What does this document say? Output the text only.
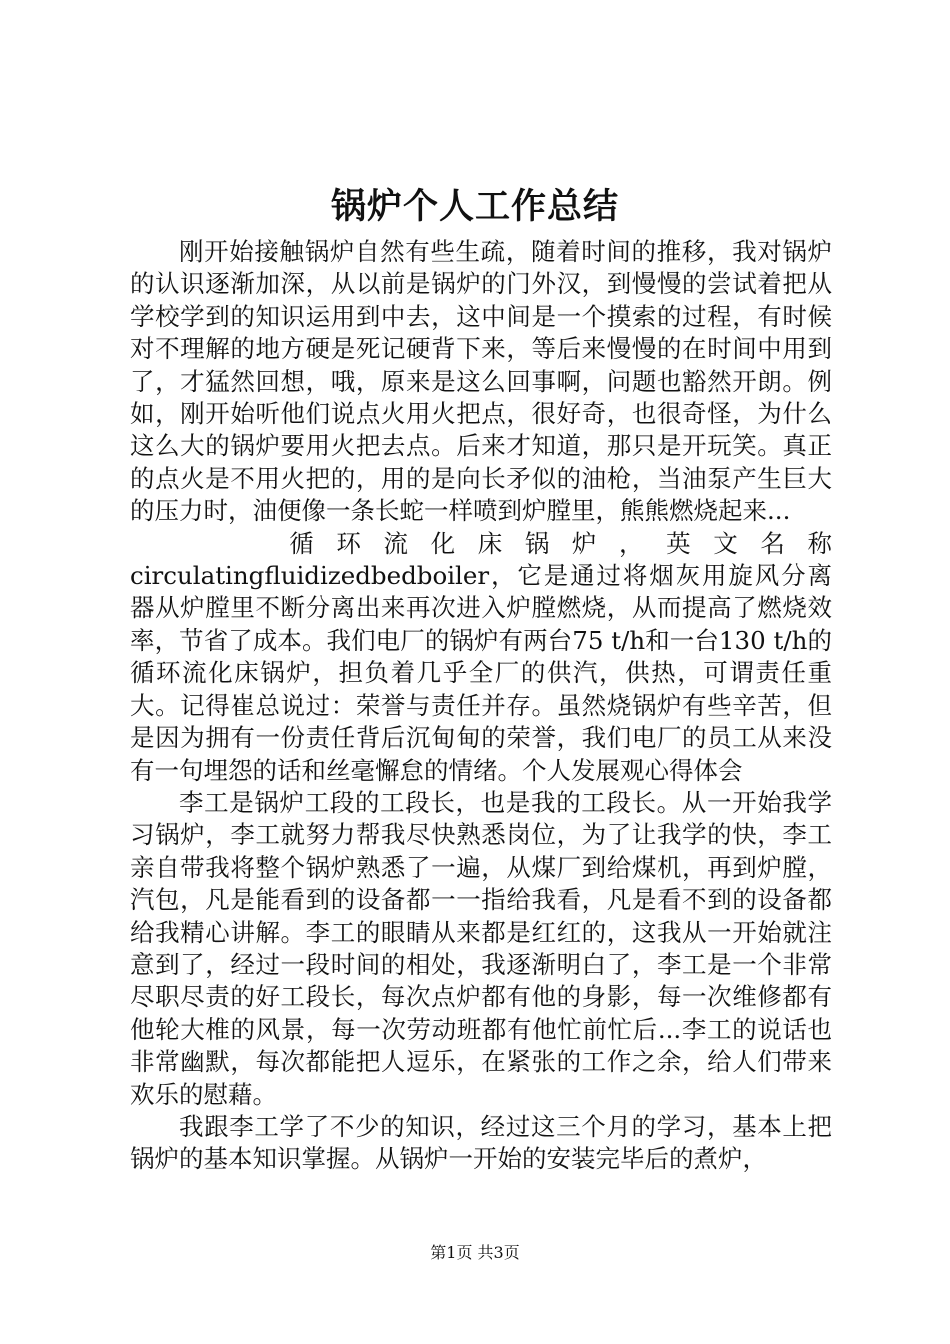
锅炉个人工作总结

刚开始接触锅炉自然有些生疏，随着时间的推移，我对锅炉的认识逐渐加深，从以前是锅炉的门外汉，到慢慢的尝试着把从学校学到的知识运用到中去，这中间是一个摸索的过程，有时候对不理解的地方硬是死记硬背下来，等后来慢慢的在时间中用到了，才猛然回想，哦，原来是这么回事啊，问题也豁然开朗。例如，刚开始听他们说点火用火把点，很好奇，也很奇怪，为什么这么大的锅炉要用火把去点。后来才知道，那只是开玩笑。真正的点火是不用火把的，用的是向长矛似的油枪，当油泵产生巨大的压力时，油便像一条长蛇一样喷到炉膛里，熊熊燃烧起来...

循 环 流 化 床 锅 炉 ， 英 文 名 称

circulatingfluidizedbedboiler，它是通过将烟灰用旋风分离器从炉膛里不断分离出来再次进入炉膛燃烧，从而提高了燃烧效率，节省了成本。我们电厂的锅炉有两台75 t/h和一台130 t/h的循环流化床锅炉，担负着几乎全厂的供汽，供热，可谓责任重大。记得崔总说过：荣誉与责任并存。虽然烧锅炉有些辛苦，但是因为拥有一份责任背后沉甸甸的荣誉，我们电厂的员工从来没有一句埋怨的话和丝毫懈怠的情绪。个人发展观心得体会

李工是锅炉工段的工段长，也是我的工段长。从一开始我学习锅炉，李工就努力帮我尽快熟悉岗位，为了让我学的快，李工亲自带我将整个锅炉熟悉了一遍，从煤厂到给煤机，再到炉膛，汽包，凡是能看到的设备都一一指给我看，凡是看不到的设备都给我精心讲解。李工的眼睛从来都是红红的，这我从一开始就注意到了，经过一段时间的相处，我逐渐明白了，李工是一个非常尽职尽责的好工段长，每次点炉都有他的身影，每一次维修都有他轮大椎的风景，每一次劳动班都有他忙前忙后...李工的说话也非常幽默，每次都能把人逗乐，在紧张的工作之余，给人们带来欢乐的慰藉。

我跟李工学了不少的知识，经过这三个月的学习，基本上把锅炉的基本知识掌握。从锅炉一开始的安装完毕后的煮炉，

第1页 共3页
